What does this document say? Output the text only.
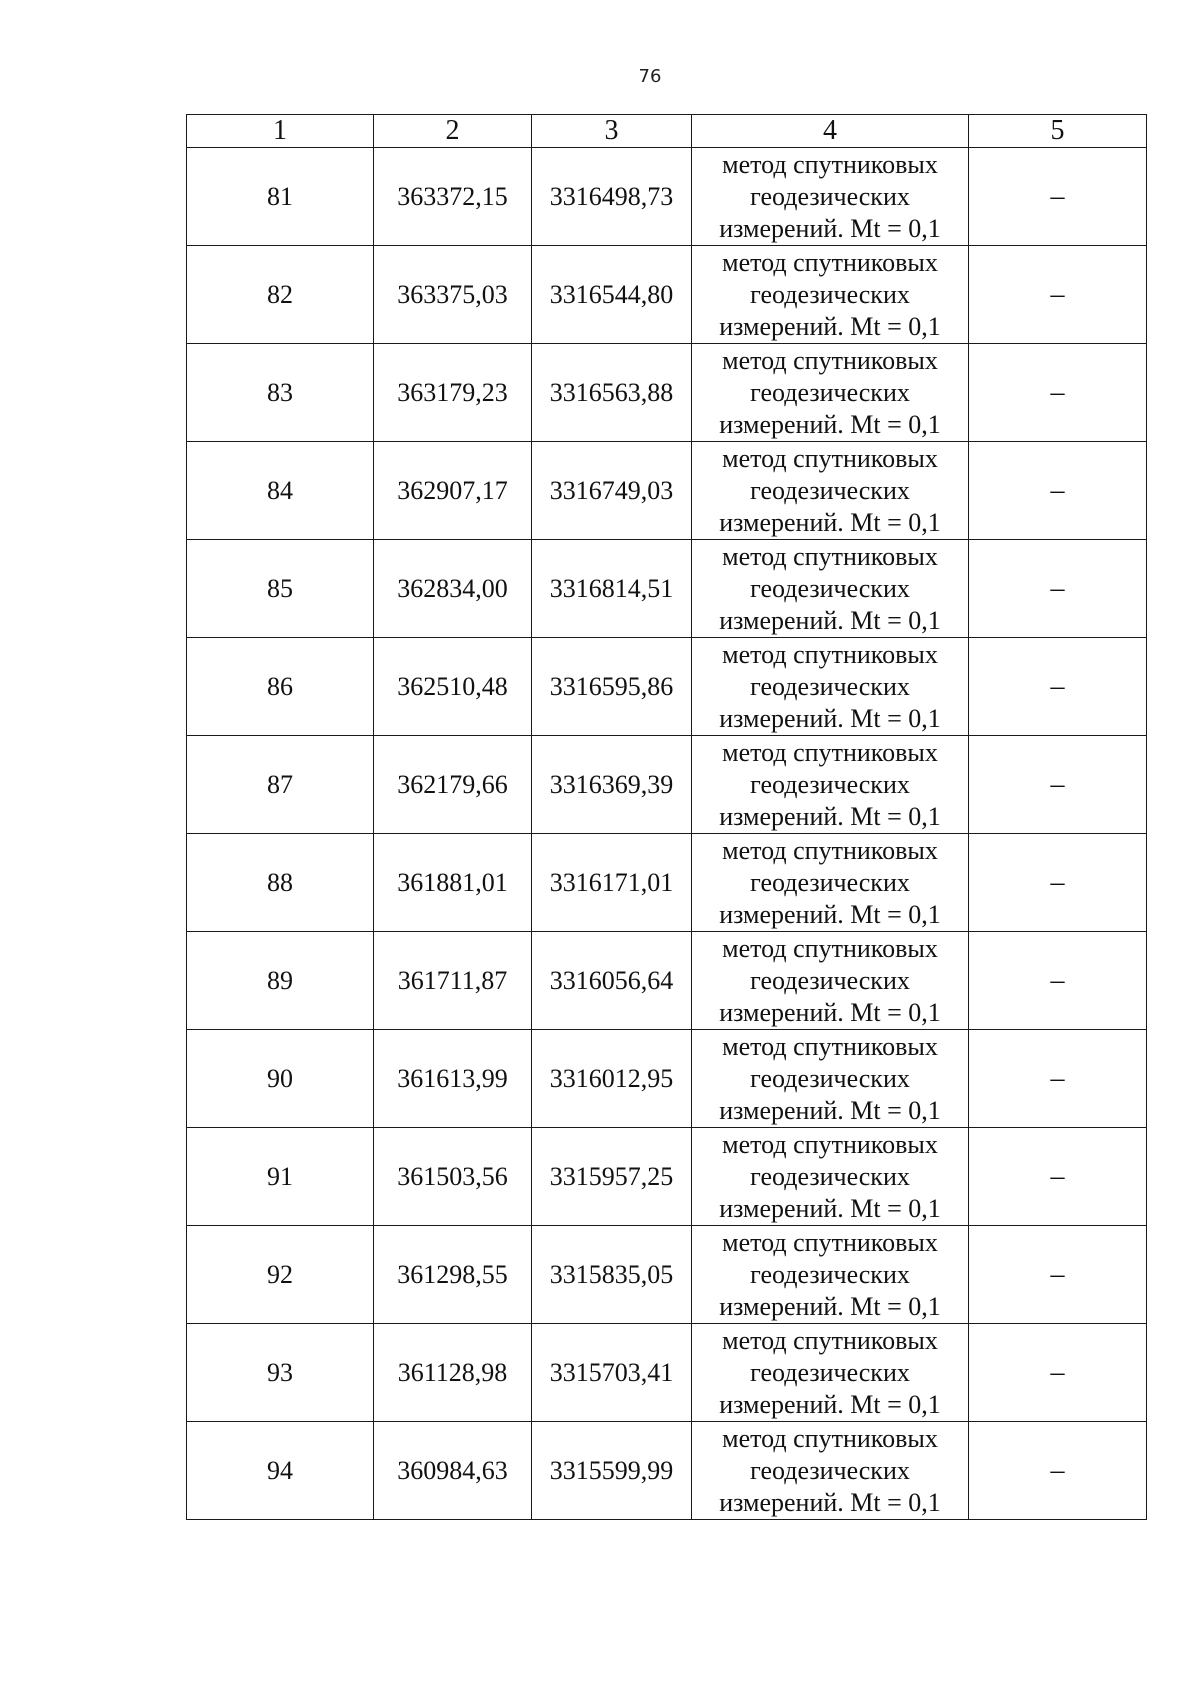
76
1	2	3	4	5
81	363372,15	3316498,73	метод спутниковых
геодезических
измерений. Mt = 0,1	–
82	363375,03	3316544,80	метод спутниковых
геодезических
измерений. Mt = 0,1	–
83	363179,23	3316563,88	метод спутниковых
геодезических
измерений. Mt = 0,1	–
84	362907,17	3316749,03	метод спутниковых
геодезических
измерений. Mt = 0,1	–
85	362834,00	3316814,51	метод спутниковых
геодезических
измерений. Mt = 0,1	–
86	362510,48	3316595,86	метод спутниковых
геодезических
измерений. Mt = 0,1	–
87	362179,66	3316369,39	метод спутниковых
геодезических
измерений. Mt = 0,1	–
88	361881,01	3316171,01	метод спутниковых
геодезических
измерений. Mt = 0,1	–
89	361711,87	3316056,64	метод спутниковых
геодезических
измерений. Mt = 0,1	–
90	361613,99	3316012,95	метод спутниковых
геодезических
измерений. Mt = 0,1	–
91	361503,56	3315957,25	метод спутниковых
геодезических
измерений. Mt = 0,1	–
92	361298,55	3315835,05	метод спутниковых
геодезических
измерений. Mt = 0,1	–
93	361128,98	3315703,41	метод спутниковых
геодезических
измерений. Mt = 0,1	–
94	360984,63	3315599,99	метод спутниковых
геодезических
измерений. Mt = 0,1	–
